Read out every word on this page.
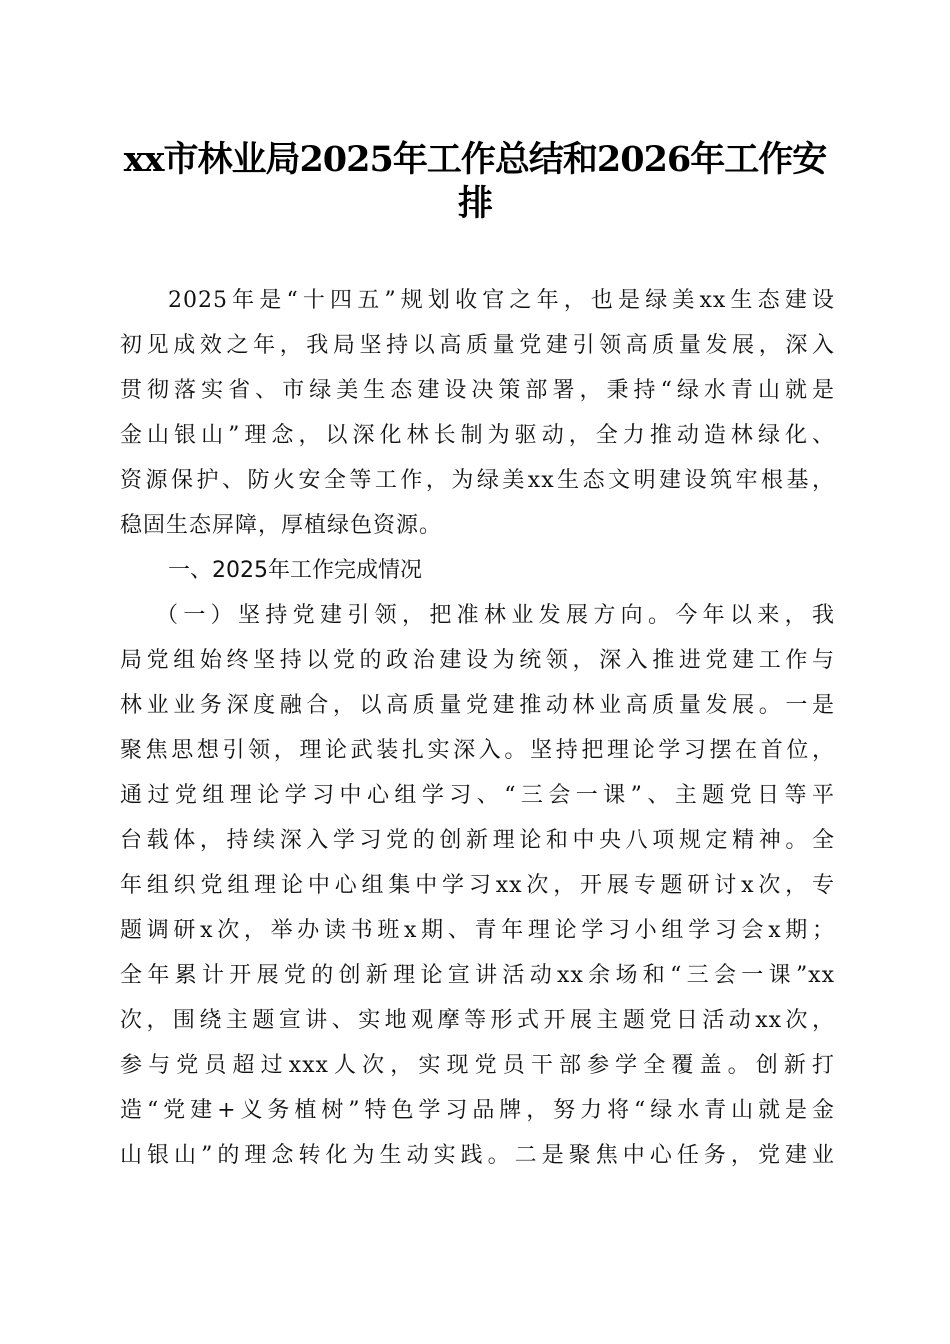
xx市林业局2025年工作总结和2026年工作安
排
2025年是“十四五”规划收官之年，也是绿美xx生态建设
初见成效之年，我局坚持以高质量党建引领高质量发展，深入
贯彻落实省、市绿美生态建设决策部署，秉持“绿水青山就是
金山银山”理念，以深化林长制为驱动，全力推动造林绿化、
资源保护、防火安全等工作，为绿美xx生态文明建设筑牢根基，
稳固生态屏障，厚植绿色资源。
一、2025年工作完成情况
（一）坚持党建引领，把准林业发展方向。今年以来，我
局党组始终坚持以党的政治建设为统领，深入推进党建工作与
林业业务深度融合，以高质量党建推动林业高质量发展。一是
聚焦思想引领，理论武装扎实深入。坚持把理论学习摆在首位，
通过党组理论学习中心组学习、“三会一课”、主题党日等平
台载体，持续深入学习党的创新理论和中央八项规定精神。全
年组织党组理论中心组集中学习xx次，开展专题研讨x次，专
题调研x次，举办读书班x期、青年理论学习小组学习会x期；
全年累计开展党的创新理论宣讲活动xx余场和“三会一课”xx
次，围绕主题宣讲、实地观摩等形式开展主题党日活动xx次，
参与党员超过xxx人次，实现党员干部参学全覆盖。创新打
造“党建+义务植树”特色学习品牌，努力将“绿水青山就是金
山银山”的理念转化为生动实践。二是聚焦中心任务，党建业
